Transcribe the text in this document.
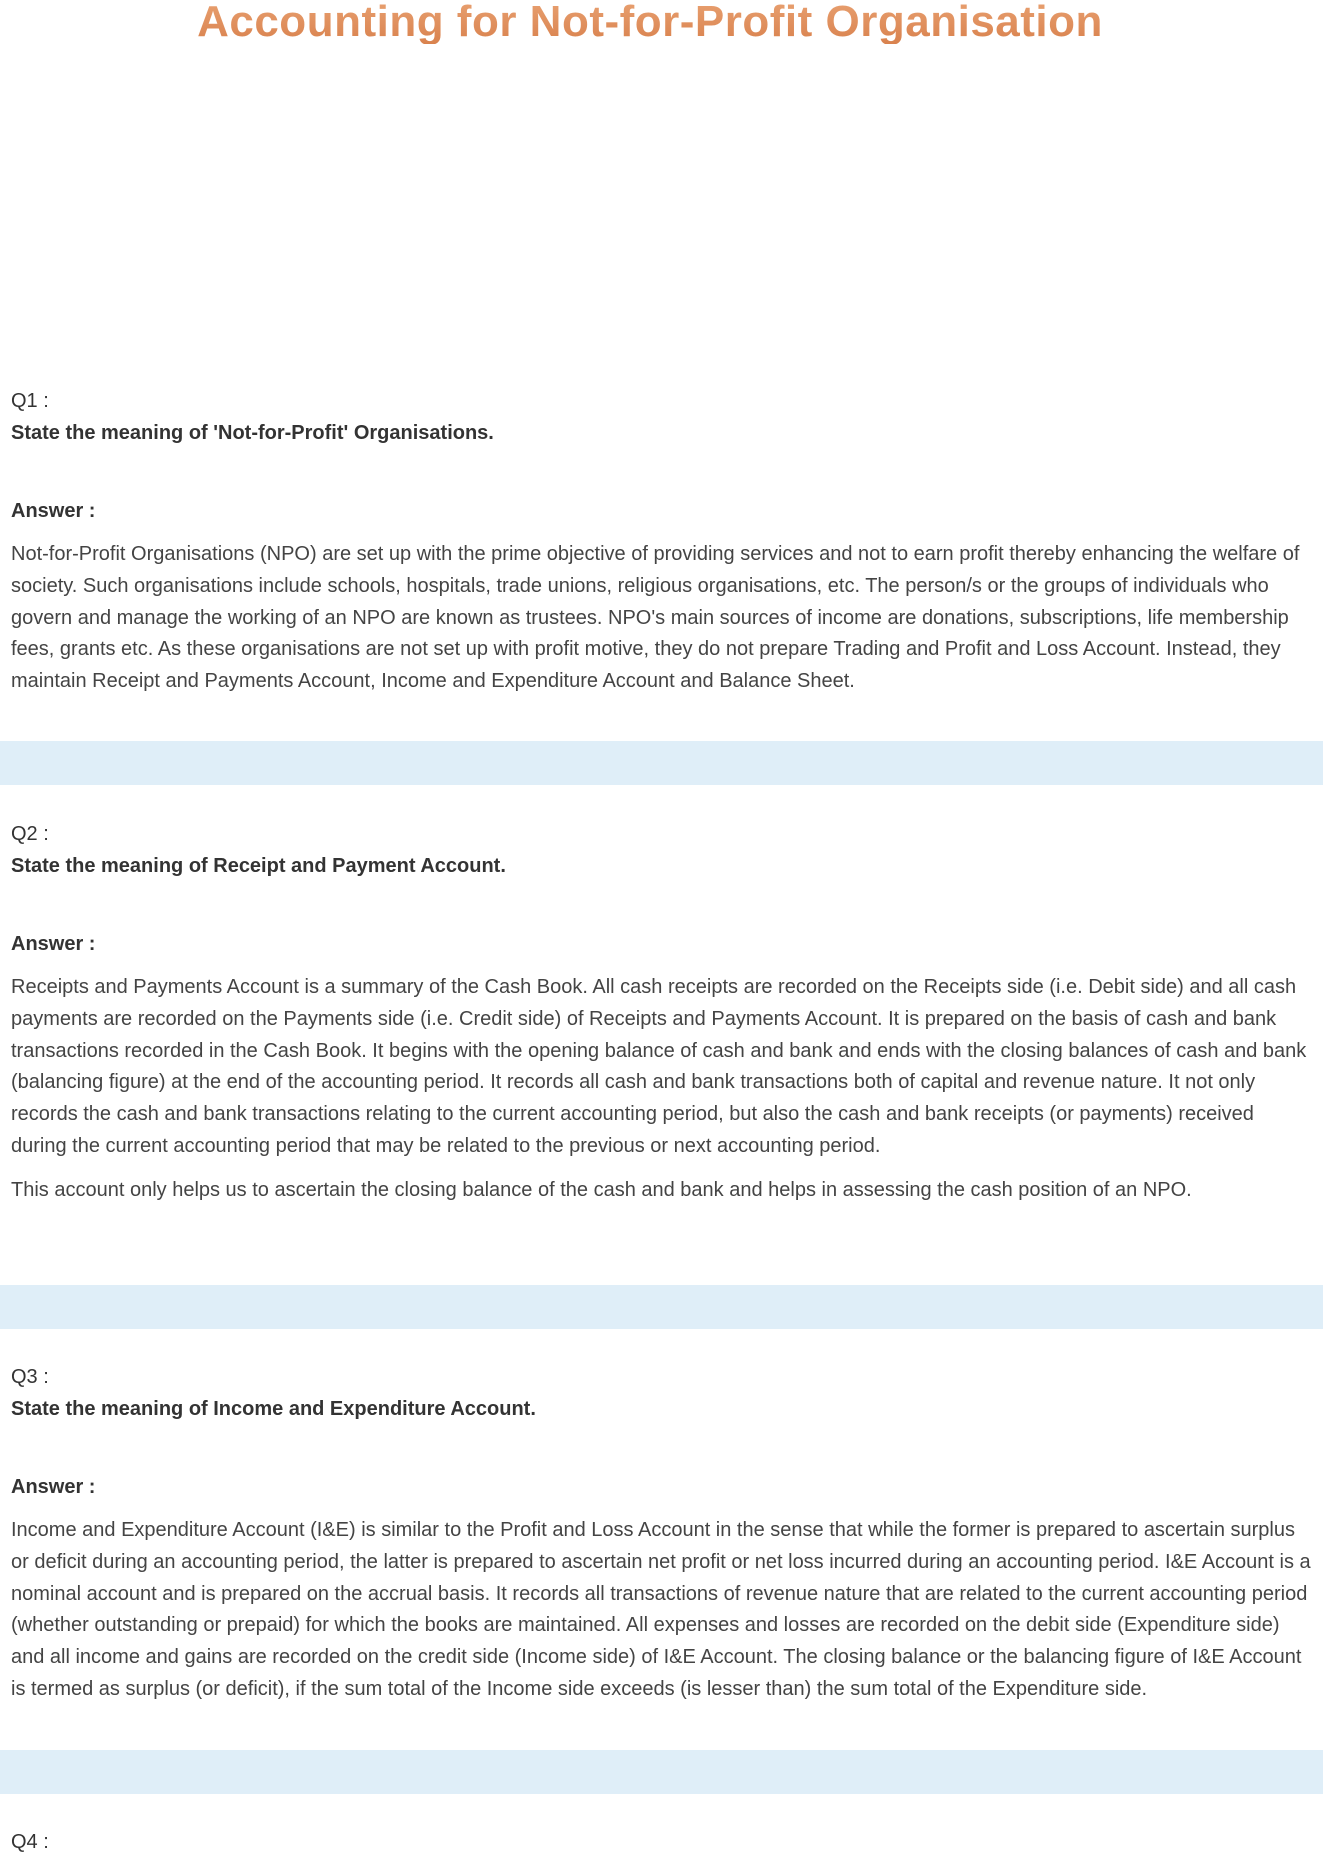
Accounting for Not-for-Profit Organisation

Q1 :

State the meaning of 'Not-for-Profit' Organisations.

Answer :

Not-for-Profit Organisations (NPO) are set up with the prime objective of providing services and not to earn profit thereby enhancing the welfare of society. Such organisations include schools, hospitals, trade unions, religious organisations, etc. The person/s or the groups of individuals who govern and manage the working of an NPO are known as trustees. NPO's main sources of income are donations, subscriptions, life membership fees, grants etc. As these organisations are not set up with profit motive, they do not prepare Trading and Profit and Loss Account. Instead, they maintain Receipt and Payments Account, Income and Expenditure Account and Balance Sheet.

Q2 :

State the meaning of Receipt and Payment Account.

Answer :

Receipts and Payments Account is a summary of the Cash Book. All cash receipts are recorded on the Receipts side (i.e. Debit side) and all cash payments are recorded on the Payments side (i.e. Credit side) of Receipts and Payments Account. It is prepared on the basis of cash and bank transactions recorded in the Cash Book. It begins with the opening balance of cash and bank and ends with the closing balances of cash and bank (balancing figure) at the end of the accounting period. It records all cash and bank transactions both of capital and revenue nature. It not only records the cash and bank transactions relating to the current accounting period, but also the cash and bank receipts (or payments) received during the current accounting period that may be related to the previous or next accounting period.

This account only helps us to ascertain the closing balance of the cash and bank and helps in assessing the cash position of an NPO.

Q3 :

State the meaning of Income and Expenditure Account.

Answer :

Income and Expenditure Account (I&E) is similar to the Profit and Loss Account in the sense that while the former is prepared to ascertain surplus or deficit during an accounting period, the latter is prepared to ascertain net profit or net loss incurred during an accounting period. I&E Account is a nominal account and is prepared on the accrual basis. It records all transactions of revenue nature that are related to the current accounting period (whether outstanding or prepaid) for which the books are maintained. All expenses and losses are recorded on the debit side (Expenditure side) and all income and gains are recorded on the credit side (Income side) of I&E Account. The closing balance or the balancing figure of I&E Account is termed as surplus (or deficit), if the sum total of the Income side exceeds (is lesser than) the sum total of the Expenditure side.

Q4 :
